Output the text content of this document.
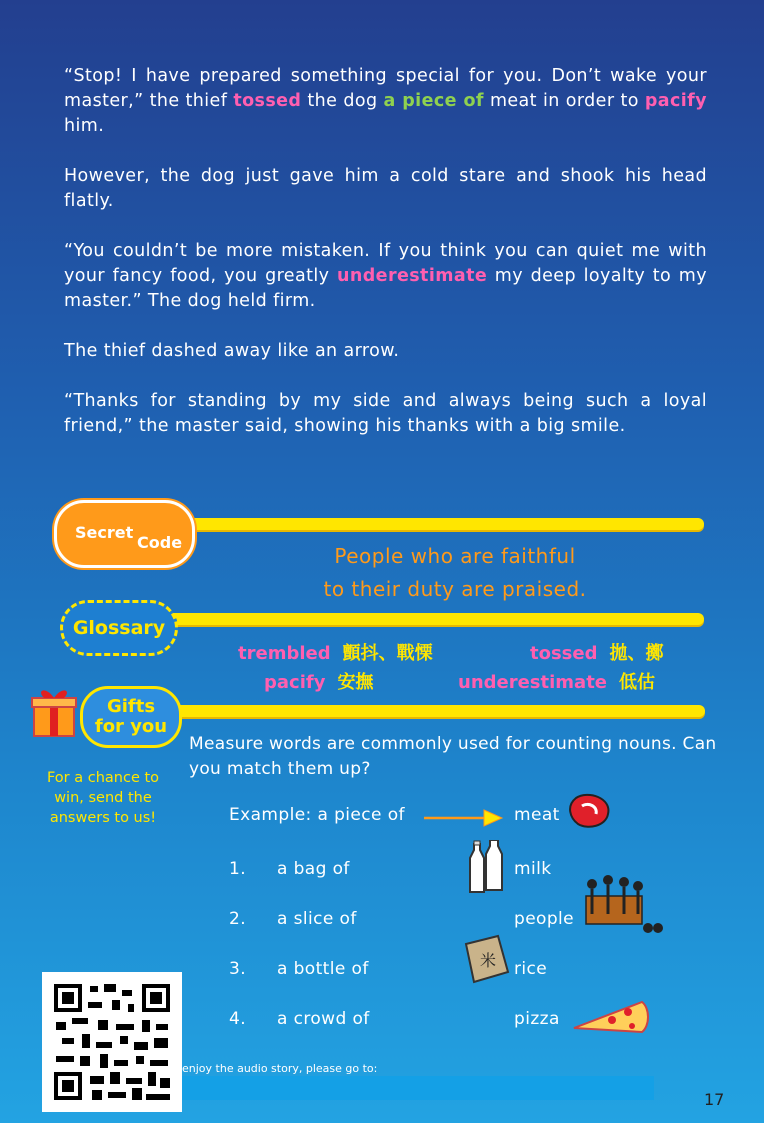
“Stop! I have prepared something special for you. Don’t wake your master,” the thief tossed the dog a piece of meat in order to pacify him.

However, the dog just gave him a cold stare and shook his head flatly.

“You couldn’t be more mistaken. If you think you can quiet me with your fancy food, you greatly underestimate my deep loyalty to my master.” The dog held firm.

The thief dashed away like an arrow.

“Thanks for standing by my side and always being such a loyal friend,” the master said, showing his thanks with a big smile.

Secret
Code
People who are faithful
to their duty are praised.
Glossary
trembled 顫抖、戰慄	tossed 拋、擲
pacify 安撫	underestimate 低估
Gifts
for you
For a chance to win, send the answers to us!
Measure words are commonly used for counting nouns. Can you match them up?
Example: a piece of	meat
1. a bag of	milk
2. a slice of	people
3. a bottle of	rice
4. a crowd of	pizza
米
enjoy the audio story, please go to:
17
